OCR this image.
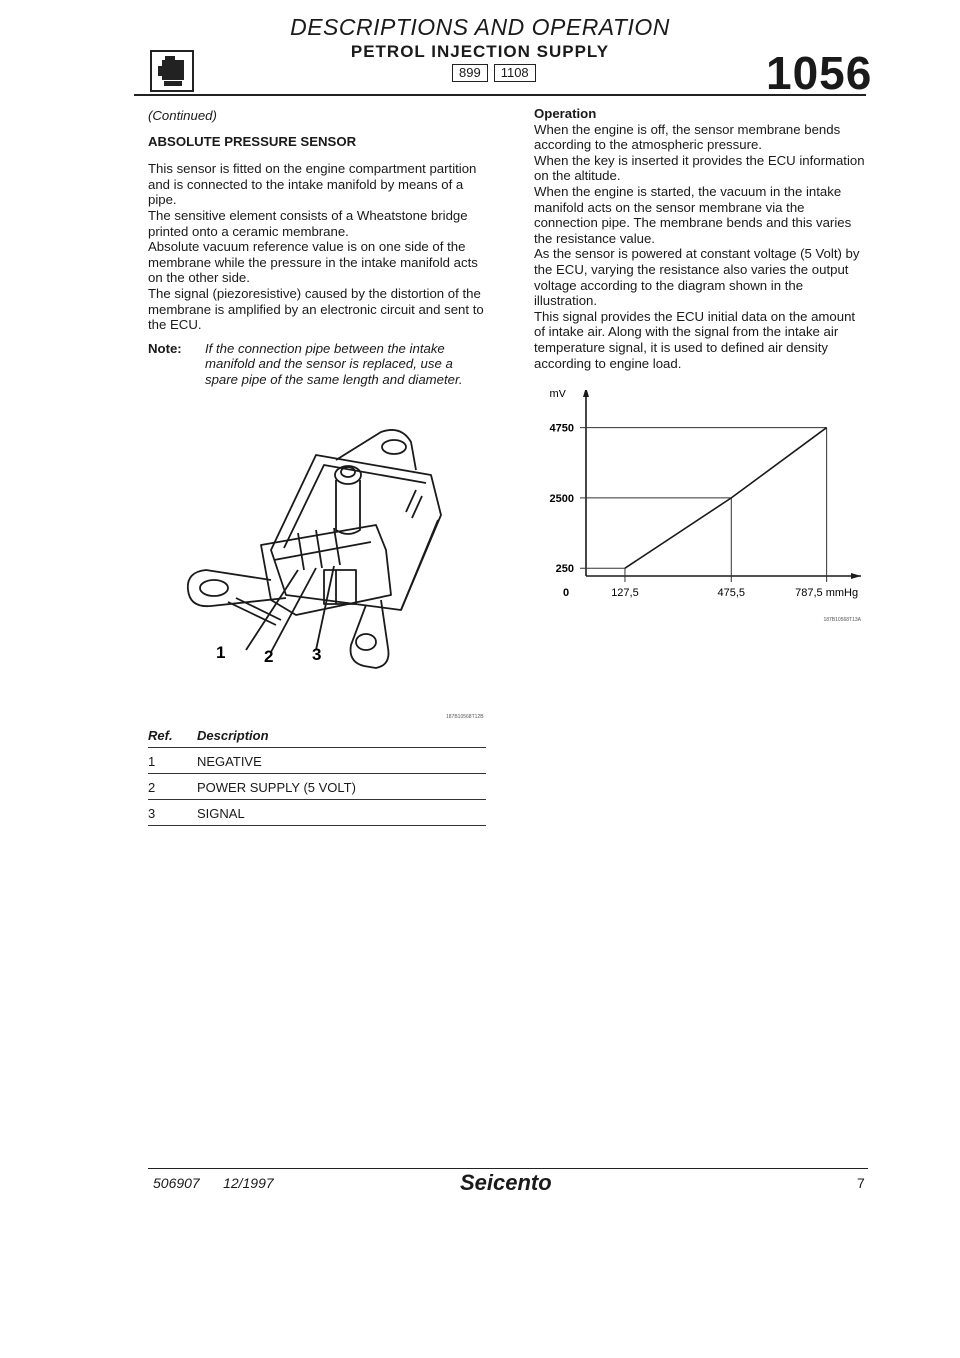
DESCRIPTIONS AND OPERATION
PETROL INJECTION SUPPLY
899	1108	1056

(Continued)

ABSOLUTE PRESSURE SENSOR

This sensor is fitted on the engine compartment partition and is connected to the intake manifold by means of a pipe.

The sensitive element consists of a Wheatstone bridge printed onto a ceramic membrane.

Absolute vacuum reference value is on one side of the membrane while the pressure in the intake manifold acts on the other side.

The signal (piezoresistive) caused by the distortion of the membrane is amplified by an electronic circuit and sent to the ECU.

Note:	If the connection pipe between the intake manifold and the sensor is replaced, use a spare pipe of the same length and diameter.
1 2 3
187B10568T12B
Ref.	Description
1	NEGATIVE
2	POWER SUPPLY (5 VOLT)
3	SIGNAL

Operation

When the engine is off, the sensor membrane bends according to the atmospheric pressure.

When the key is inserted it provides the ECU information on the altitude.

When the engine is started, the vacuum in the intake manifold acts on the sensor membrane via the connection pipe. The membrane bends and this varies the resistance value.

As the sensor is powered at constant voltage (5 Volt) by the ECU, varying the resistance also varies the output voltage according to the diagram shown in the illustration.

This signal provides the ECU initial data on the amount of intake air. Along with the signal from the intake air temperature signal, it is used to defined air density according to engine load.

4750
2500
250
127,5	475,5	787,5 mmHg
0
mV
187B10568T13A
506907 12/1997	Seicento	7
